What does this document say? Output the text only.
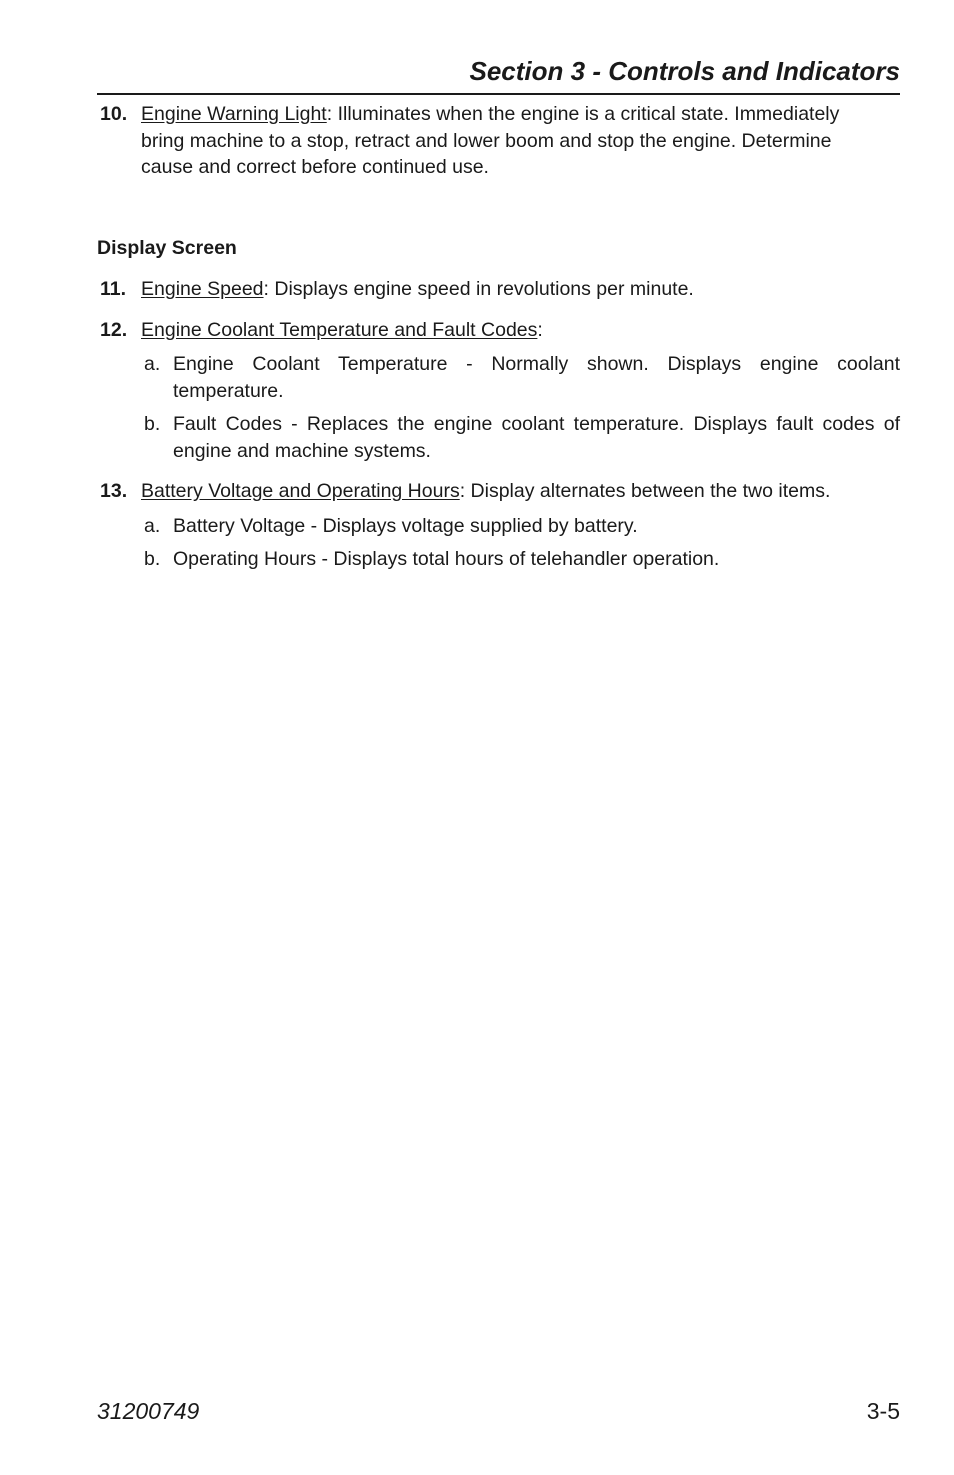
Section 3 - Controls and Indicators
10. Engine Warning Light: Illuminates when the engine is a critical state. Immediately bring machine to a stop, retract and lower boom and stop the engine. Determine cause and correct before continued use.
Display Screen
11. Engine Speed: Displays engine speed in revolutions per minute.
12. Engine Coolant Temperature and Fault Codes:
a. Engine Coolant Temperature - Normally shown. Displays engine coolant temperature.
b. Fault Codes - Replaces the engine coolant temperature. Displays fault codes of engine and machine systems.
13. Battery Voltage and Operating Hours: Display alternates between the two items.
a. Battery Voltage - Displays voltage supplied by battery.
b. Operating Hours - Displays total hours of telehandler operation.
31200749	3-5
